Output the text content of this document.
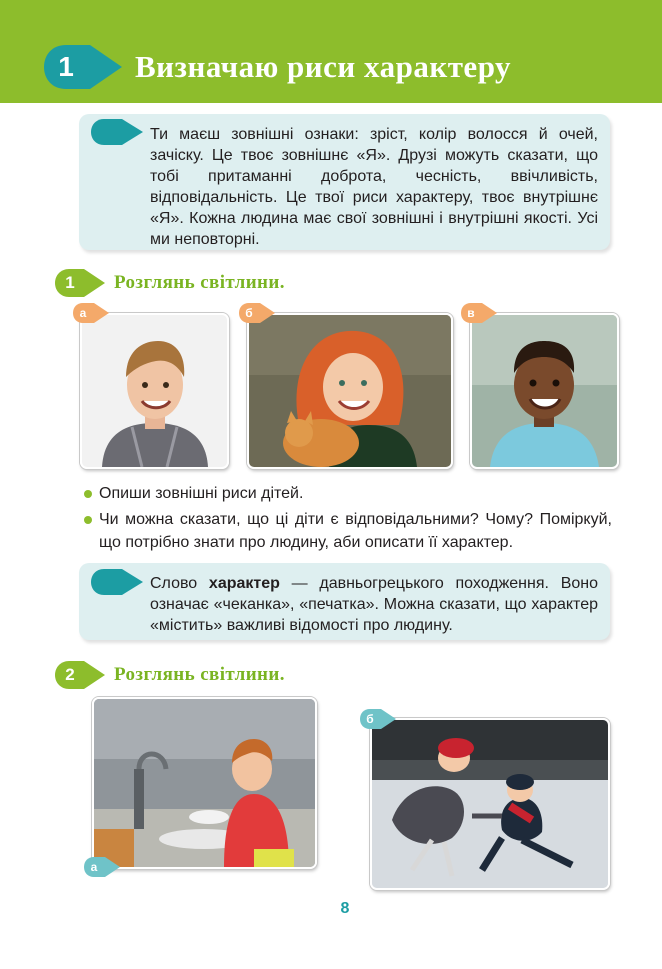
1	Визначаю риси характеру
Ти маєш зовнішні ознаки: зріст, колір волосся й очей, зачіску. Це твоє зовнішнє «Я». Друзі можуть сказати, що тобі притаманні доброта, чесність, ввічливість, відповідальність. Це твої риси характеру, твоє внутрішнє «Я». Кожна людина має свої зовнішні і внутрішні якості. Усі ми неповторні.
1	Розглянь світлини.
а	б	в
Опиши зовнішні риси дітей.
Чи можна сказати, що ці діти є відповідальними? Чому? Поміркуй, що потрібно знати про людину, аби описати її характер.
Слово характер — давньогрецького походження. Воно означає «чеканка», «печатка». Можна сказати, що характер «містить» важливі відомості про людину.
2	Розглянь світлини.
а
б
8
